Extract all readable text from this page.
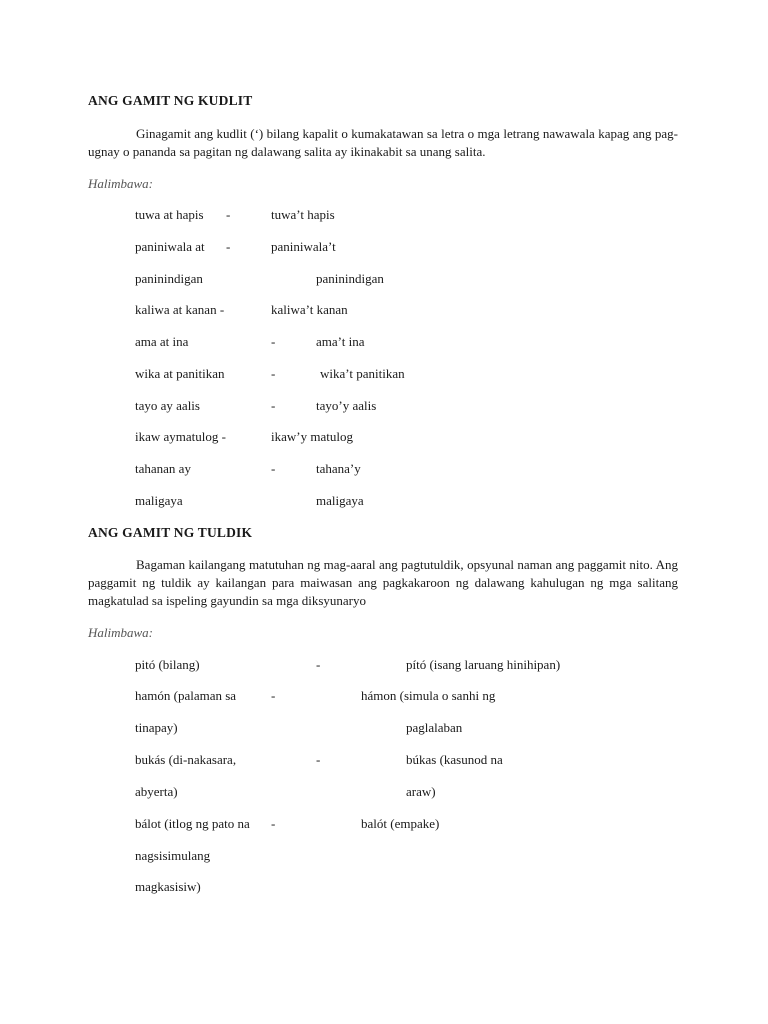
ANG GAMIT NG KUDLIT

Ginagamit ang kudlit (‘) bilang kapalit o kumakatawan sa letra o mga letrang nawawala kapag ang pag-ugnay o pananda sa pagitan ng dalawang salita ay ikinakabit sa unang salita.

Halimbawa:
tuwa at hapis -	tuwa’t hapis
paniniwala at -	paniniwala’t
paninindigan	paninindigan
kaliwa at kanan -	kaliwa’t kanan
ama at ina	-	ama’t ina
wika at panitikan	-	wika’t panitikan
tayo ay aalis	-	tayo’y aalis
ikaw aymatulog -	ikaw’y matulog
tahanan ay	-	tahana’y
maligaya	maligaya
ANG GAMIT NG TULDIK

Bagaman kailangang matutuhan ng mag-aaral ang pagtutuldik, opsyunal naman ang paggamit nito. Ang paggamit ng tuldik ay kailangan para maiwasan ang pagkakaroon ng dalawang kahulugan ng mga salitang magkatulad sa ispeling gayundin sa mga diksyunaryo

Halimbawa:
pitó (bilang)	-	pító (isang laruang hinihipan)
hamón (palaman sa	-	hámon (simula o sanhi ng
tinapay)	paglalaban
bukás (di-nakasara,	-	búkas (kasunod na
abyerta)	araw)
bálot (itlog ng pato na -	balót (empake)
nagsisimulang
magkasisiw)
